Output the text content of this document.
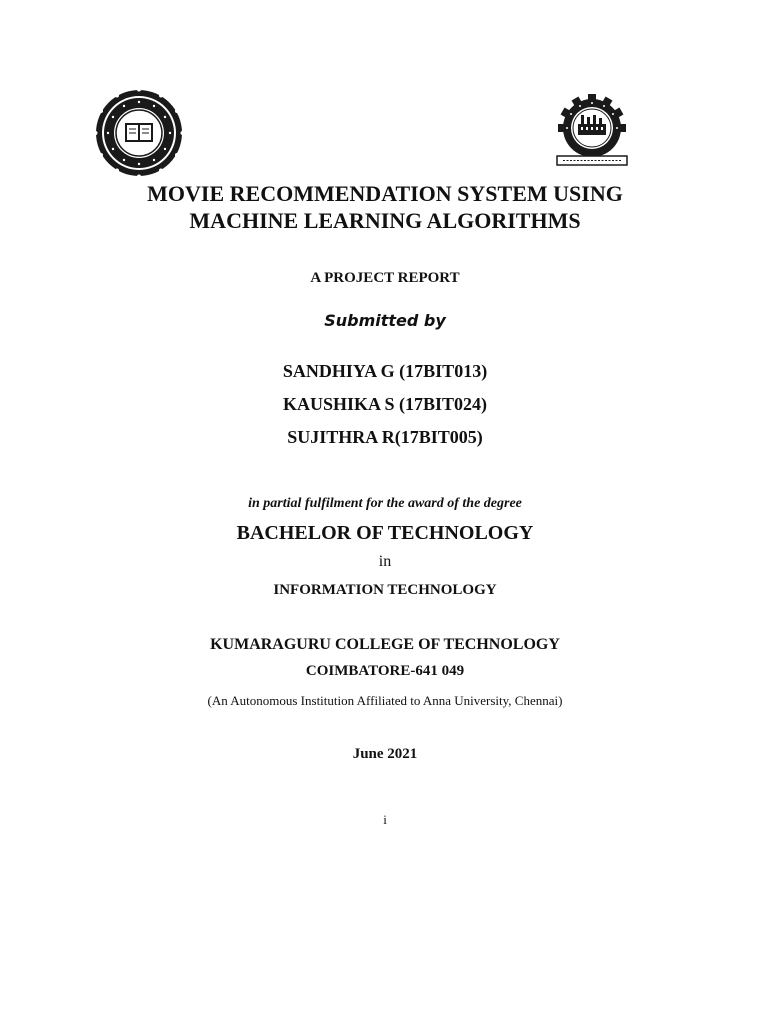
MOVIE RECOMMENDATION SYSTEM USING
MACHINE LEARNING ALGORITHMS
A PROJECT REPORT
Submitted by
SANDHIYA G (17BIT013)
KAUSHIKA S (17BIT024)
SUJITHRA R(17BIT005)
in partial fulfilment for the award of the degree
BACHELOR OF TECHNOLOGY
in
INFORMATION TECHNOLOGY
KUMARAGURU COLLEGE OF TECHNOLOGY
COIMBATORE-641 049
(An Autonomous Institution Affiliated to Anna University, Chennai)
June 2021
i
